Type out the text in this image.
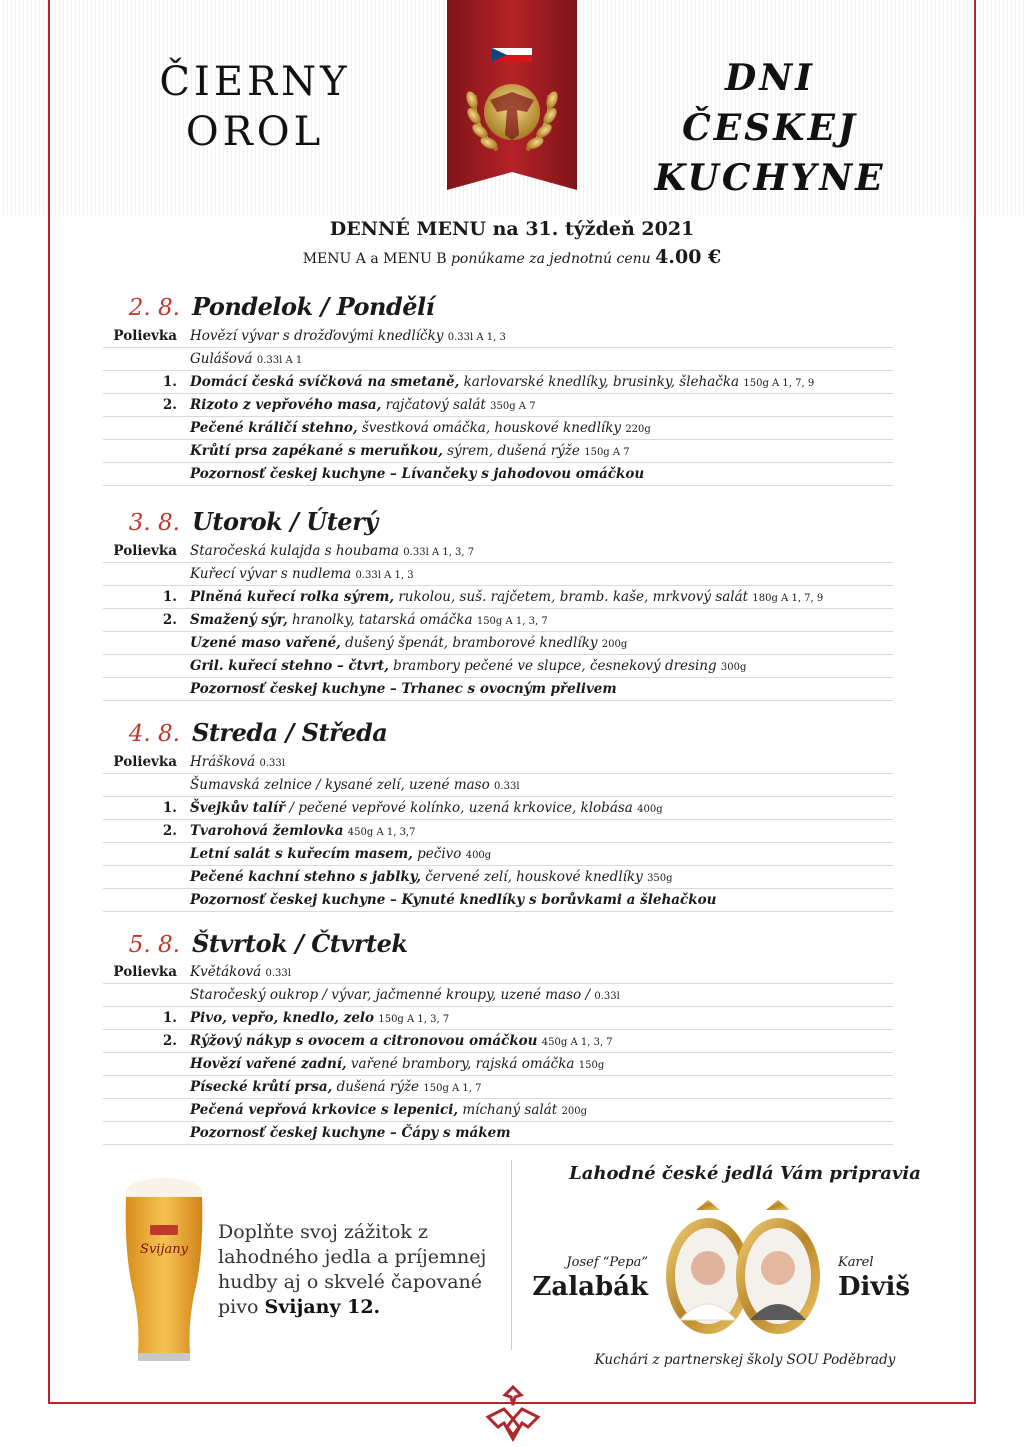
ČIERNY
OROL
DNI ČESKEJ
KUCHYNE
DENNÉ MENU na 31. týždeň 2021
MENU A a MENU B ponúkame za jednotnú cenu 4.00 €
2. 8. Pondelok / Pondělí
Polievka Hovězí vývar s drožďovými knedlíčky 0.33l A 1, 3
Gulášová 0.33l A 1
1. Domácí česká svíčková na smetaně, karlovarské knedlíky, brusinky, šlehačka 150g A 1, 7, 9
2. Rizoto z vepřového masa, rajčatový salát 350g A 7
Pečené králičí stehno, švestková omáčka, houskové knedlíky 220g
Krůtí prsa zapékané s meruňkou, sýrem, dušená rýže 150g A 7
Pozornosť českej kuchyne – Lívančeky s jahodovou omáčkou
3. 8. Utorok / Úterý
Polievka Staročeská kulajda s houbama 0.33l A 1, 3, 7
Kuřecí vývar s nudlema 0.33l A 1, 3
1. Plněná kuřecí rolka sýrem, rukolou, suš. rajčetem, bramb. kaše, mrkvový salát 180g A 1, 7, 9
2. Smažený sýr, hranolky, tatarská omáčka 150g A 1, 3, 7
Uzené maso vařené, dušený špenát, bramborové knedlíky 200g
Gril. kuřecí stehno – čtvrt, brambory pečené ve slupce, česnekový dresing 300g
Pozornosť českej kuchyne – Trhanec s ovocným přelivem
4. 8. Streda / Středa
Polievka Hrášková 0.33l
Šumavská zelnice / kysané zelí, uzené maso 0.33l
1. Švejkův talíř / pečené vepřové kolínko, uzená krkovice, klobása 400g
2. Tvarohová žemlovka 450g A 1, 3,7
Letní salát s kuřecím masem, pečivo 400g
Pečené kachní stehno s jablky, červené zelí, houskové knedlíky 350g
Pozornosť českej kuchyne – Kynuté knedlíky s borůvkami a šlehačkou
5. 8. Štvrtok / Čtvrtek
Polievka Květáková 0.33l
Staročeský oukrop / vývar, jačmenné kroupy, uzené maso / 0.33l
1. Pivo, vepřo, knedlo, zelo 150g A 1, 3, 7
2. Rýžový nákyp s ovocem a citronovou omáčkou 450g A 1, 3, 7
Hovězí vařené zadní, vařené brambory, rajská omáčka 150g
Písecké krůtí prsa, dušená rýže 150g A 1, 7
Pečená vepřová krkovice s lepenici, míchaný salát 200g
Pozornosť českej kuchyne – Čápy s mákem
Svijany
Doplňte svoj zážitok z lahodného jedla a príjemnej hudby aj o skvelé čapované pivo Svijany 12.
Lahodné české jedlá Vám pripravia
Josef “Pepa”
Zalabák
Karel
Diviš
Kuchári z partnerskej školy SOU Poděbrady
